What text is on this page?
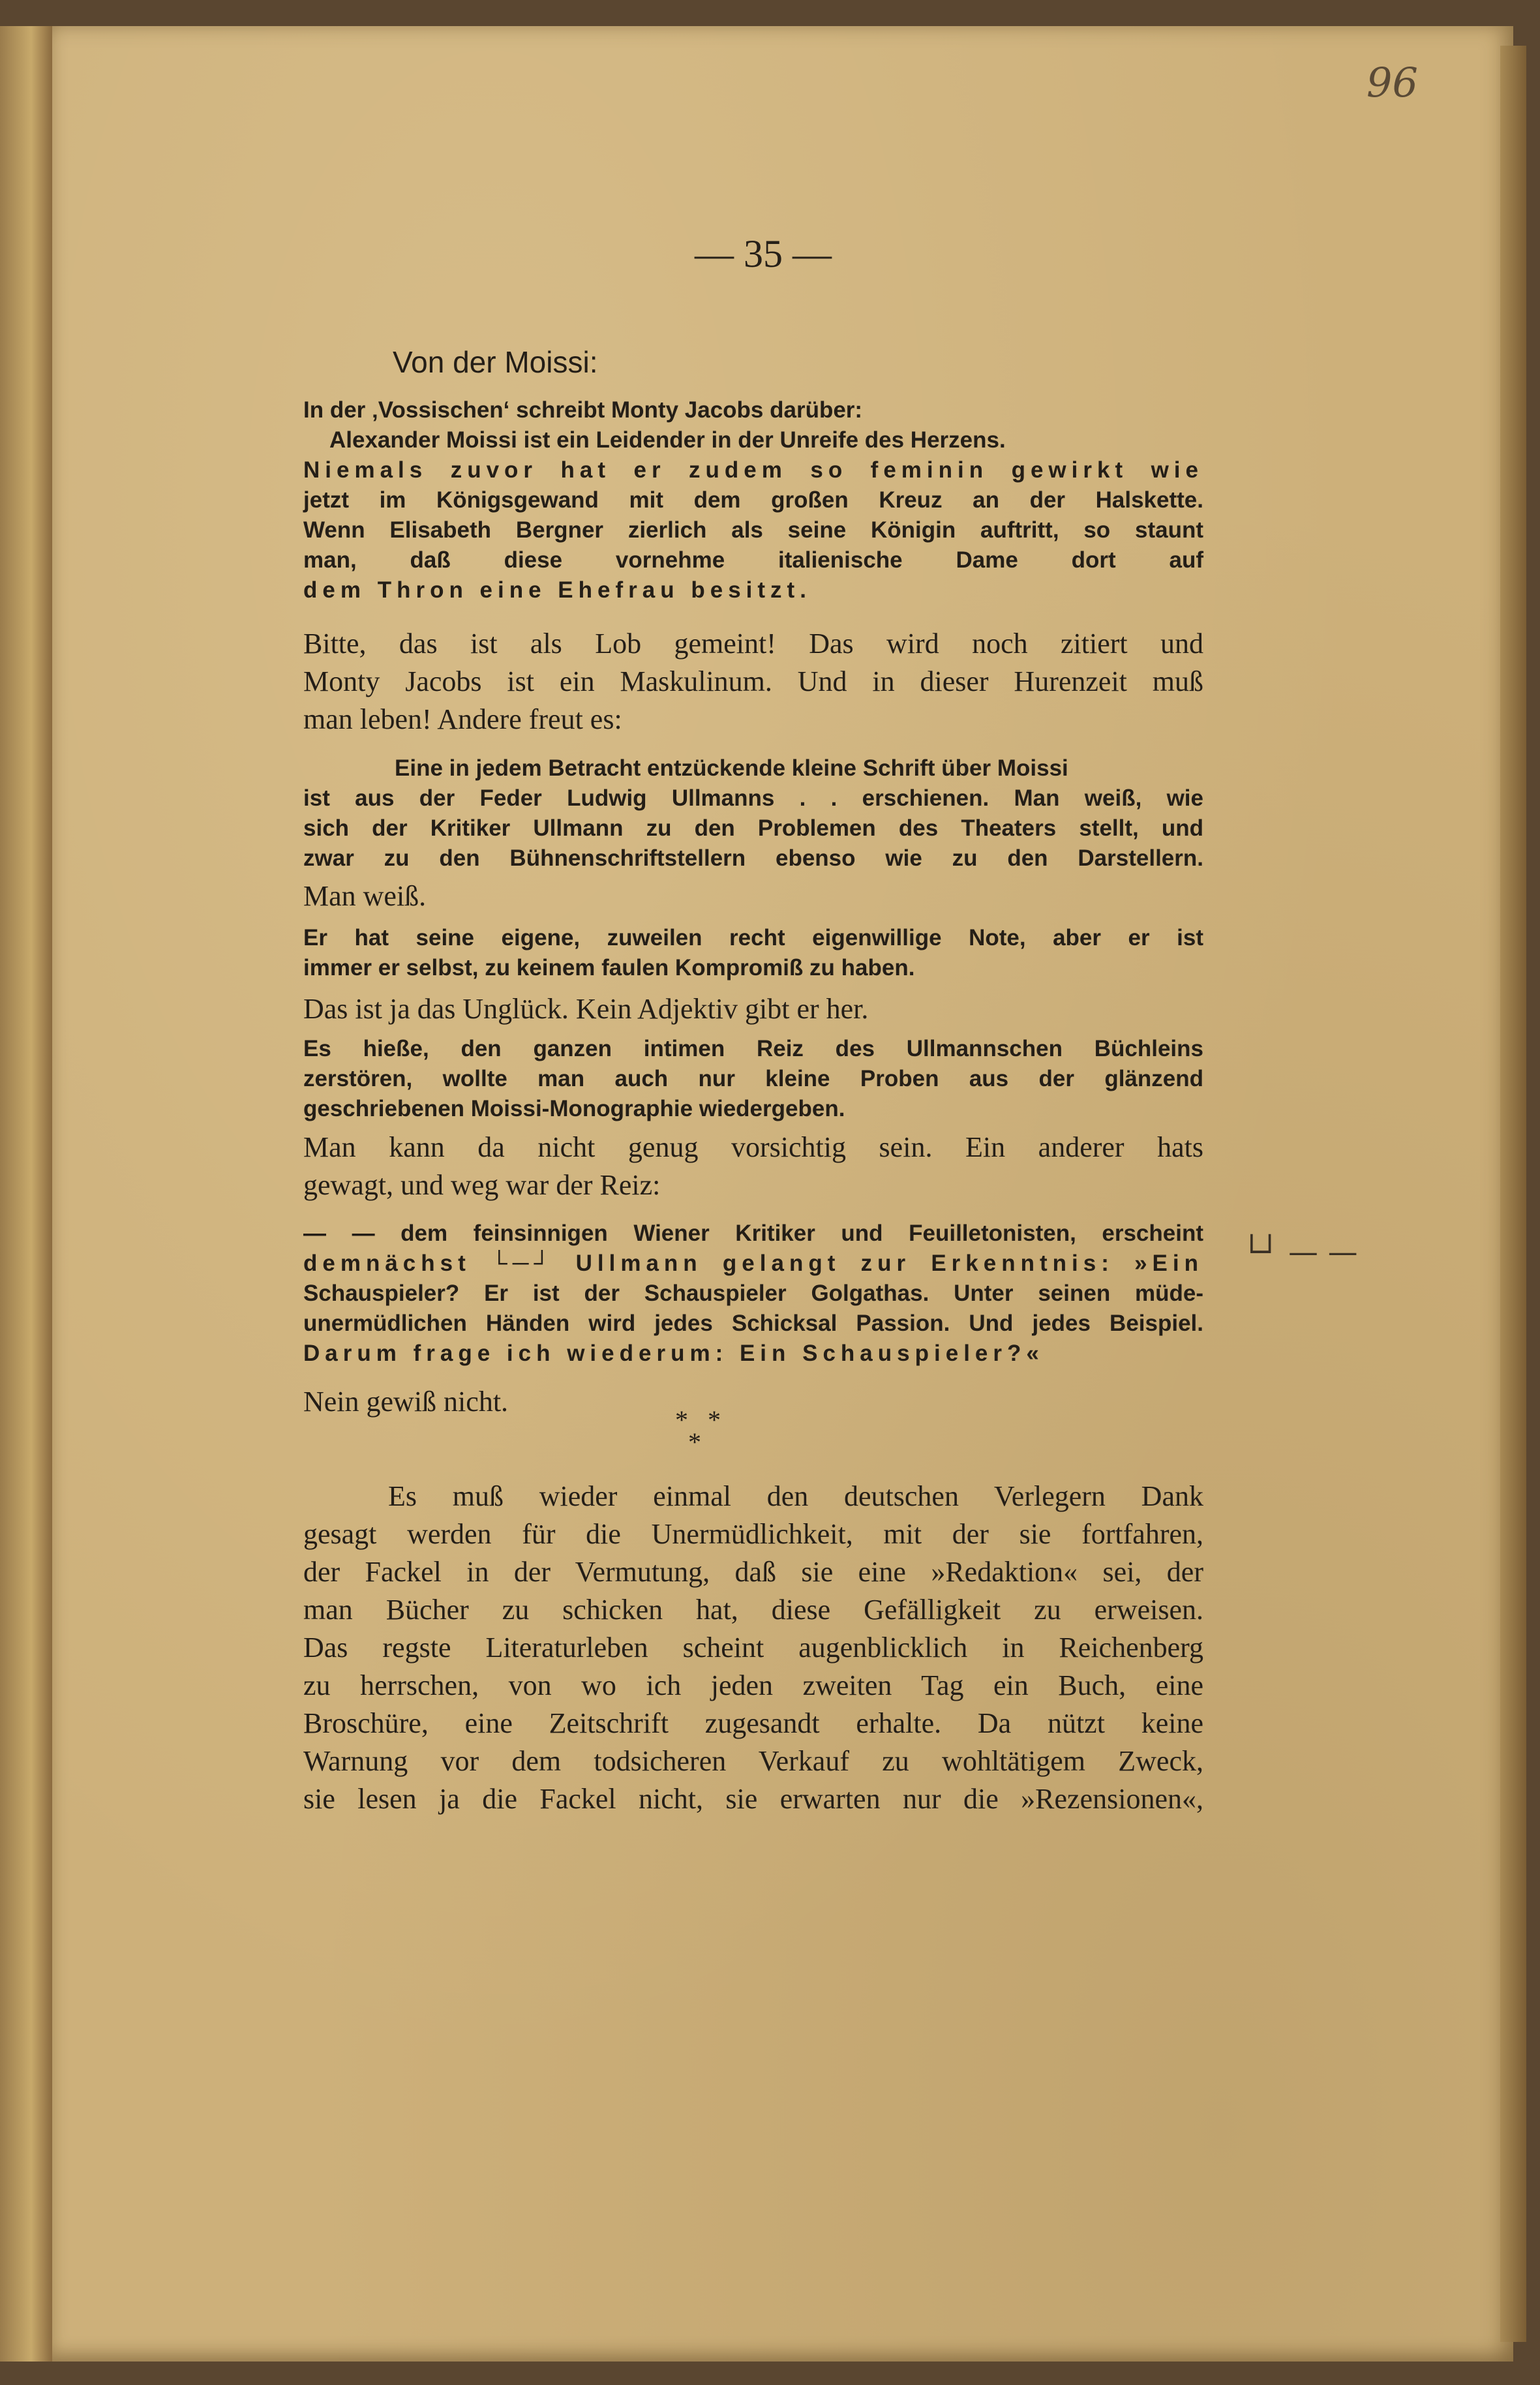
96
— 35 —
Von der Moissi:
In der ‚Vossischen‘ schreibt Monty Jacobs darüber:
Alexander Moissi ist ein Leidender in der Unreife des Herzens.
Niemals zuvor hat er zudem so feminin gewirkt wie
jetzt im Königsgewand mit dem großen Kreuz an der Halskette.
Wenn Elisabeth Bergner zierlich als seine Königin auftritt, so staunt
man, daß diese vornehme italienische Dame dort auf
dem Thron eine Ehefrau besitzt.
Bitte, das ist als Lob gemeint! Das wird noch zitiert und
Monty Jacobs ist ein Maskulinum. Und in dieser Hurenzeit muß
man leben! Andere freut es:
Eine in jedem Betracht entzückende kleine Schrift über Moissi
ist aus der Feder Ludwig Ullmanns . . erschienen. Man weiß, wie
sich der Kritiker Ullmann zu den Problemen des Theaters stellt, und
zwar zu den Bühnenschriftstellern ebenso wie zu den Darstellern.
Man weiß.
Er hat seine eigene, zuweilen recht eigenwillige Note, aber er ist
immer er selbst, zu keinem faulen Kompromiß zu haben.
Das ist ja das Unglück. Kein Adjektiv gibt er her.
Es hieße, den ganzen intimen Reiz des Ullmannschen Büchleins
zerstören, wollte man auch nur kleine Proben aus der glänzend
geschriebenen Moissi-Monographie wiedergeben.
Man kann da nicht genug vorsichtig sein. Ein anderer hats
gewagt, und weg war der Reiz:
— — dem feinsinnigen Wiener Kritiker und Feuilletonisten, erscheint
demnächst └─┘ Ullmann gelangt zur Erkenntnis: »Ein
Schauspieler? Er ist der Schauspieler Golgathas. Unter seinen müde-
unermüdlichen Händen wird jedes Schicksal Passion. Und jedes Beispiel.
Darum frage ich wiederum: Ein Schauspieler?«
└┘ — —
Nein gewiß nicht.
*   *
*
Es muß wieder einmal den deutschen Verlegern Dank
gesagt werden für die Unermüdlichkeit, mit der sie fortfahren,
der Fackel in der Vermutung, daß sie eine »Redaktion« sei, der
man Bücher zu schicken hat, diese Gefälligkeit zu erweisen.
Das regste Literaturleben scheint augenblicklich in Reichenberg
zu herrschen, von wo ich jeden zweiten Tag ein Buch, eine
Broschüre, eine Zeitschrift zugesandt erhalte. Da nützt keine
Warnung vor dem todsicheren Verkauf zu wohltätigem Zweck,
sie lesen ja die Fackel nicht, sie erwarten nur die »Rezensionen«,
